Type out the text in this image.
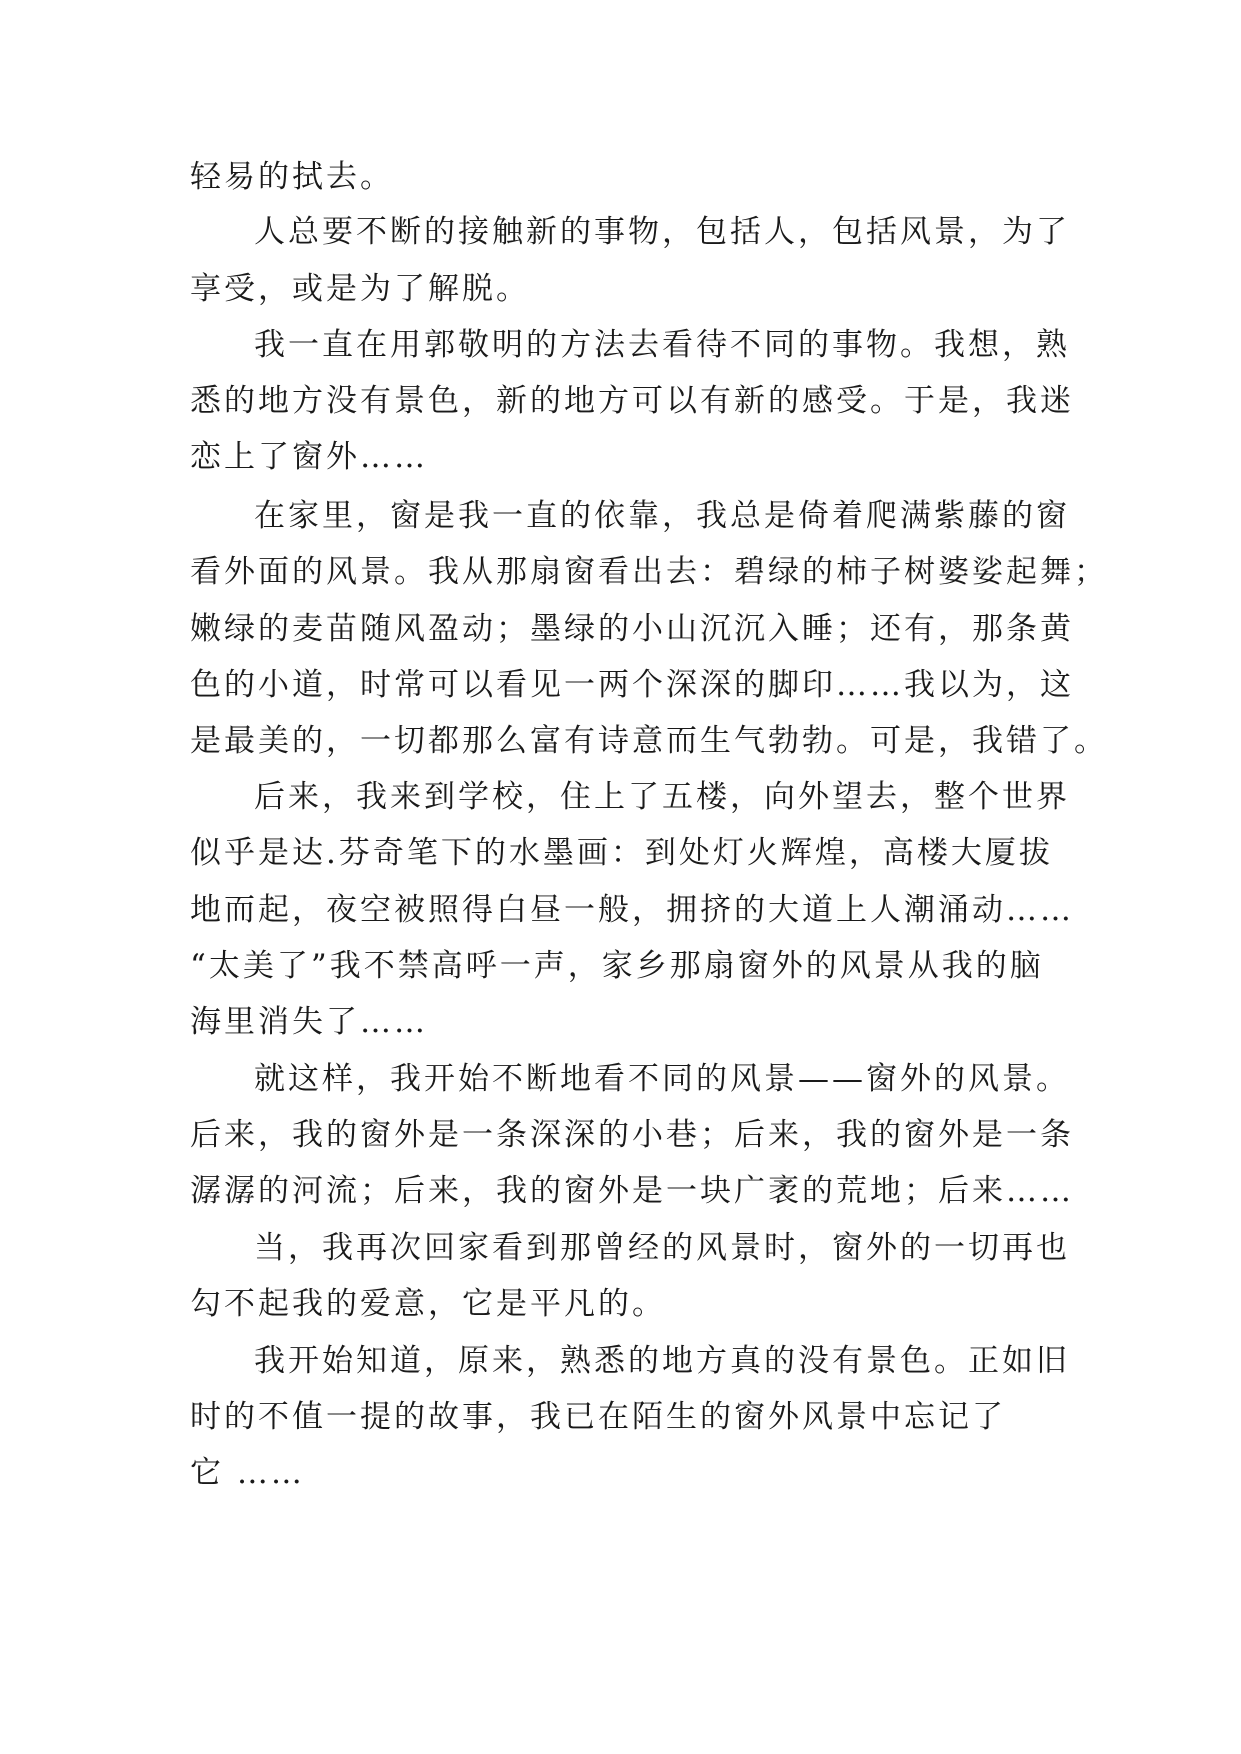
轻易的拭去。
人总要不断的接触新的事物，包括人，包括风景，为了
享受，或是为了解脱。
我一直在用郭敬明的方法去看待不同的事物。我想，熟
悉的地方没有景色，新的地方可以有新的感受。于是，我迷
恋上了窗外……
在家里，窗是我一直的依靠，我总是倚着爬满紫藤的窗
看外面的风景。我从那扇窗看出去：碧绿的柿子树婆娑起舞；
嫩绿的麦苗随风盈动；墨绿的小山沉沉入睡；还有，那条黄
色的小道，时常可以看见一两个深深的脚印……我以为，这
是最美的，一切都那么富有诗意而生气勃勃。可是，我错了。
后来，我来到学校，住上了五楼，向外望去，整个世界
似乎是达.芬奇笔下的水墨画：到处灯火辉煌，高楼大厦拔
地而起，夜空被照得白昼一般，拥挤的大道上人潮涌动……
“太美了”我不禁高呼一声，家乡那扇窗外的风景从我的脑
海里消失了……
就这样，我开始不断地看不同的风景——窗外的风景。
后来，我的窗外是一条深深的小巷；后来，我的窗外是一条
潺潺的河流；后来，我的窗外是一块广袤的荒地；后来……
当，我再次回家看到那曾经的风景时，窗外的一切再也
勾不起我的爱意，它是平凡的。
我开始知道，原来，熟悉的地方真的没有景色。正如旧
时的不值一提的故事，我已在陌生的窗外风景中忘记了
它 ……
